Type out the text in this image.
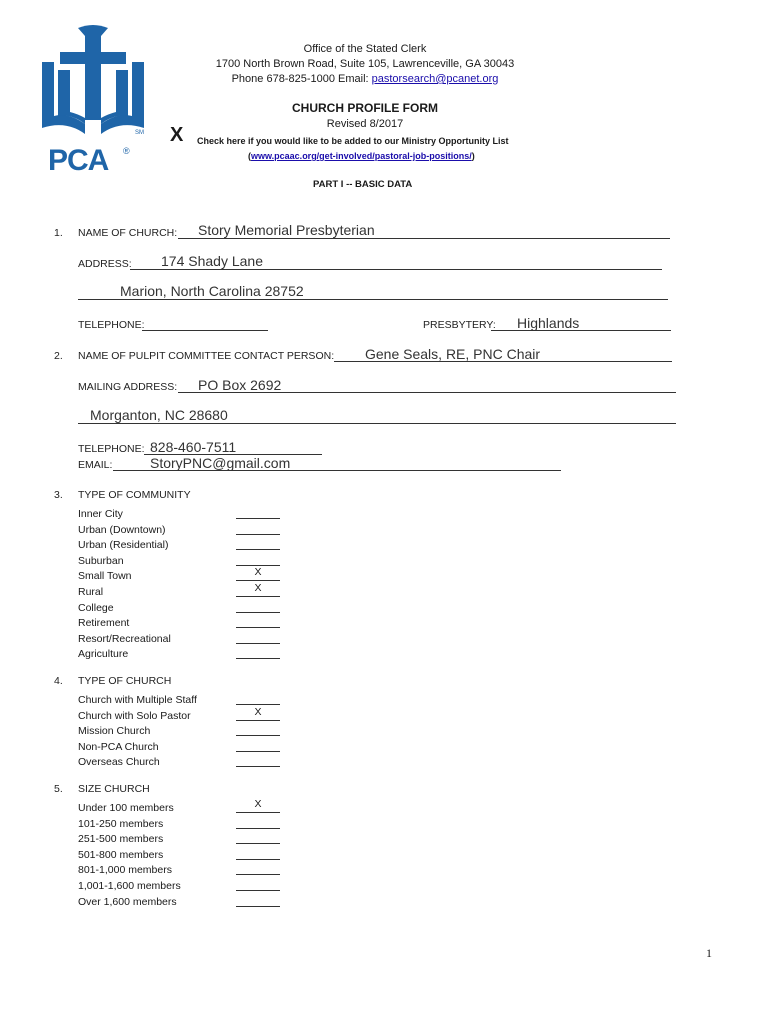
SM
PCA ®
Office of the Stated Clerk
1700 North Brown Road, Suite 105, Lawrenceville, GA 30043
Phone 678-825-1000 Email: pastorsearch@pcanet.org
CHURCH PROFILE FORM
Revised 8/2017
X Check here if you would like to be added to our Ministry Opportunity List
(www.pcaac.org/get-involved/pastoral-job-positions/)
PART I -- BASIC DATA
1. NAME OF CHURCH: Story Memorial Presbyterian
ADDRESS: 174 Shady Lane
Marion, North Carolina 28752
TELEPHONE:	PRESBYTERY: Highlands
2. NAME OF PULPIT COMMITTEE CONTACT PERSON: Gene Seals, RE, PNC Chair
MAILING ADDRESS: PO Box 2692
Morganton, NC 28680
TELEPHONE: 828-460-7511
EMAIL:	StoryPNC@gmail.com
3. TYPE OF COMMUNITY
Inner City
Urban (Downtown)
Urban (Residential)
Suburban
Small Town	X
Rural	X
College
Retirement
Resort/Recreational
Agriculture
4. TYPE OF CHURCH
Church with Multiple Staff
Church with Solo Pastor	X
Mission Church
Non-PCA Church
Overseas Church
5. SIZE CHURCH
Under 100 members	X
101-250 members
251-500 members
501-800 members
801-1,000 members
1,001-1,600 members
Over 1,600 members
1
